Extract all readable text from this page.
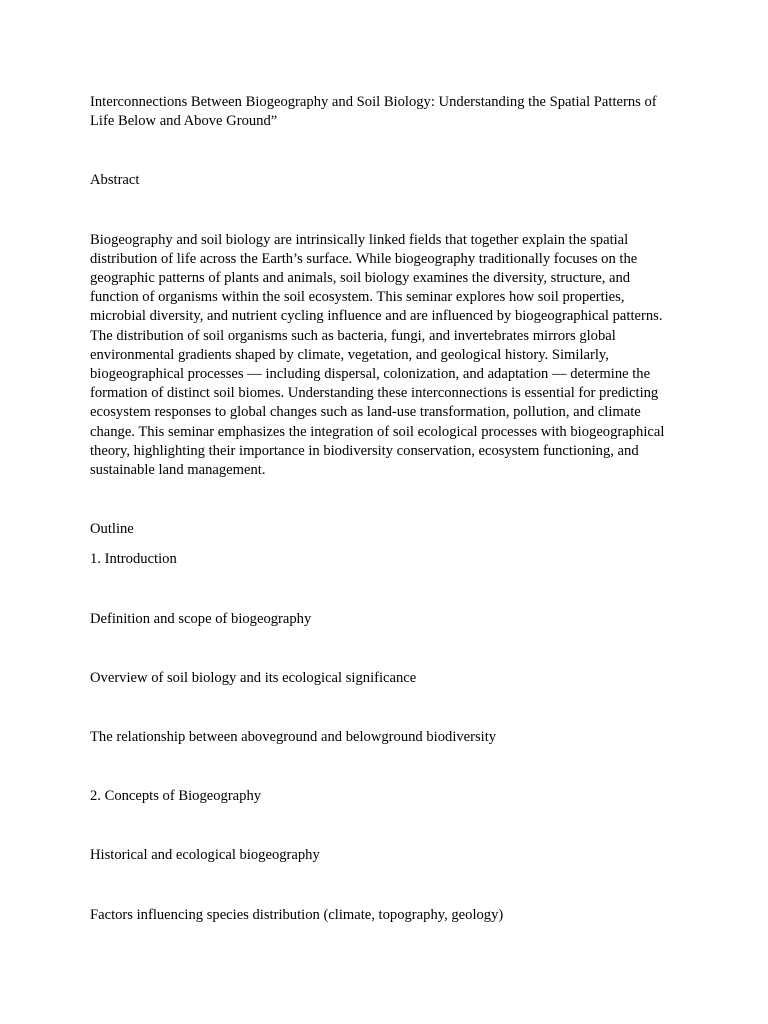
Interconnections Between Biogeography and Soil Biology: Understanding the Spatial Patterns of Life Below and Above Ground”

Abstract

Biogeography and soil biology are intrinsically linked fields that together explain the spatial distribution of life across the Earth’s surface. While biogeography traditionally focuses on the geographic patterns of plants and animals, soil biology examines the diversity, structure, and function of organisms within the soil ecosystem. This seminar explores how soil properties, microbial diversity, and nutrient cycling influence and are influenced by biogeographical patterns. The distribution of soil organisms such as bacteria, fungi, and invertebrates mirrors global environmental gradients shaped by climate, vegetation, and geological history. Similarly, biogeographical processes — including dispersal, colonization, and adaptation — determine the formation of distinct soil biomes. Understanding these interconnections is essential for predicting ecosystem responses to global changes such as land-use transformation, pollution, and climate change. This seminar emphasizes the integration of soil ecological processes with biogeographical theory, highlighting their importance in biodiversity conservation, ecosystem functioning, and sustainable land management.

Outline

1. Introduction

Definition and scope of biogeography

Overview of soil biology and its ecological significance

The relationship between aboveground and belowground biodiversity

2. Concepts of Biogeography

Historical and ecological biogeography

Factors influencing species distribution (climate, topography, geology)
